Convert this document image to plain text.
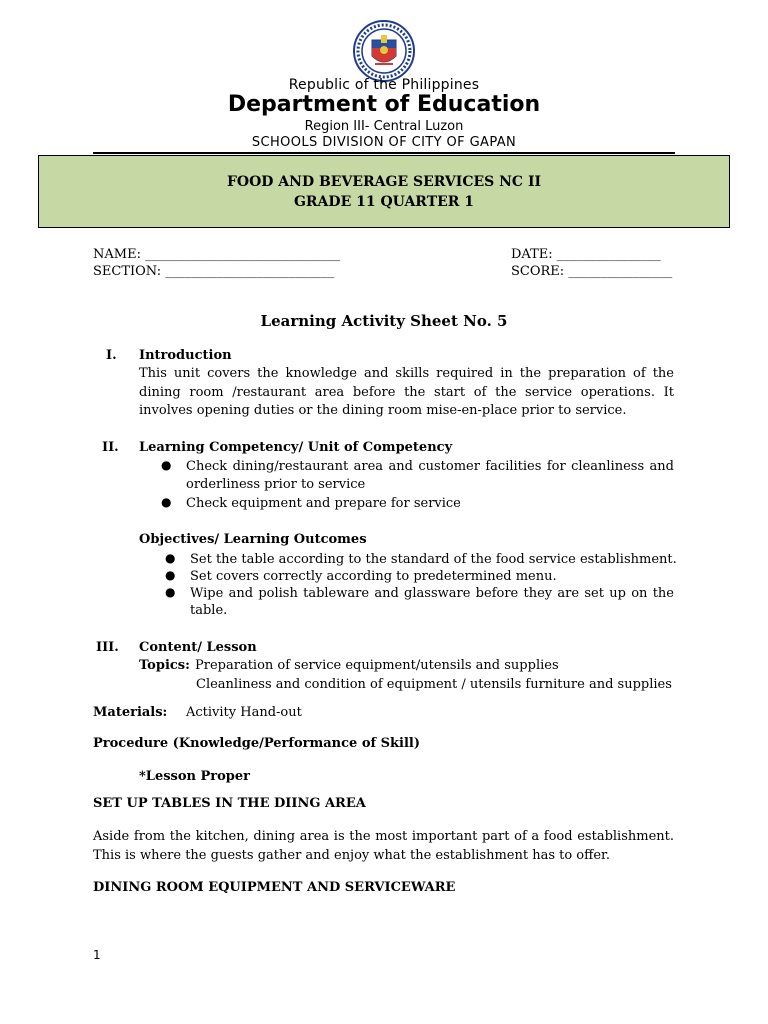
Republic of the Philippines
Department of Education
Region III- Central Luzon
SCHOOLS DIVISION OF CITY OF GAPAN
FOOD AND BEVERAGE SERVICES NC II
GRADE 11 QUARTER 1
NAME: ______________________________
SECTION: __________________________
DATE: ________________
SCORE: ________________
Learning Activity Sheet No. 5
I. Introduction
This unit covers the knowledge and skills required in the preparation of the
dining room /restaurant area before the start of the service operations. It
involves opening duties or the dining room mise-en-place prior to service.
II. Learning Competency/ Unit of Competency
● Check dining/restaurant area and customer facilities for cleanliness and
orderliness prior to service
● Check equipment and prepare for service
Objectives/ Learning Outcomes
● Set the table according to the standard of the food service establishment.
● Set covers correctly according to predetermined menu.
● Wipe and polish tableware and glassware before they are set up on the
table.
III. Content/ Lesson
Topics: Preparation of service equipment/utensils and supplies
Cleanliness and condition of equipment / utensils furniture and supplies
Materials: Activity Hand-out
Procedure (Knowledge/Performance of Skill)
*Lesson Proper
SET UP TABLES IN THE DIING AREA
Aside from the kitchen, dining area is the most important part of a food establishment.
This is where the guests gather and enjoy what the establishment has to offer.
DINING ROOM EQUIPMENT AND SERVICEWARE
1
